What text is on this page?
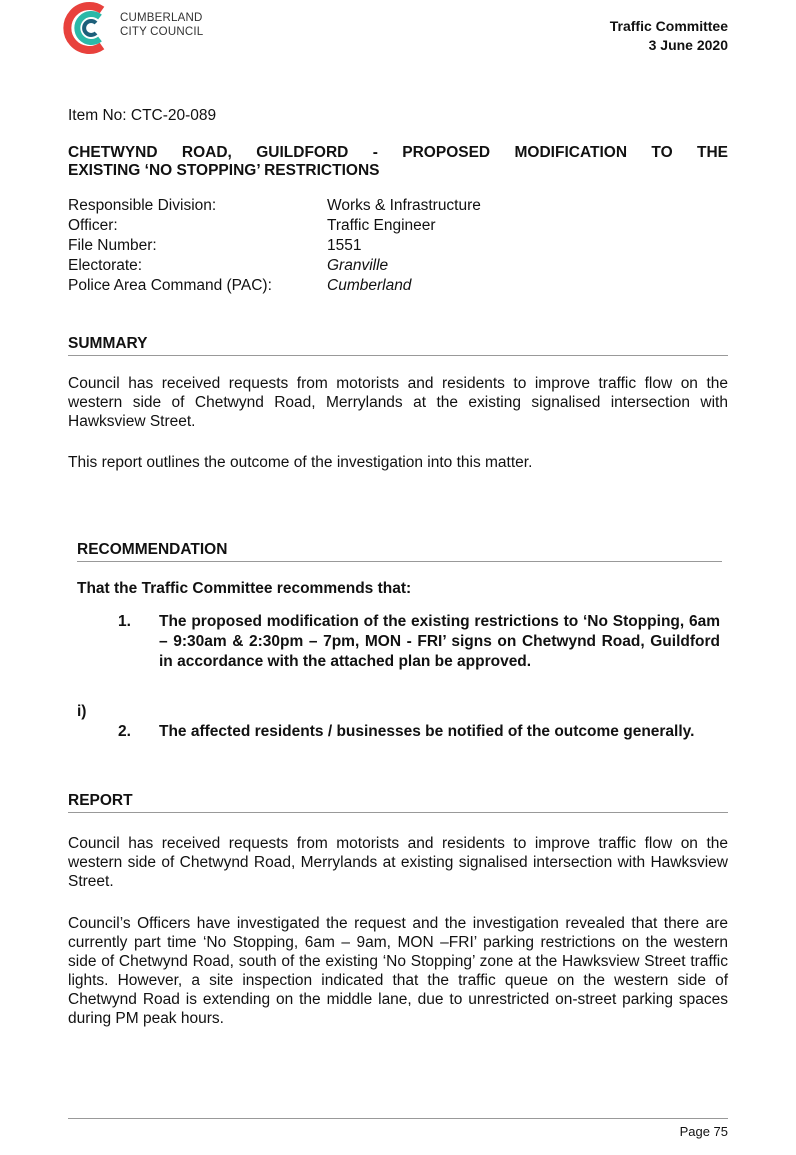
CUMBERLAND
CITY COUNCIL	Traffic Committee
3 June 2020
Item No: CTC-20-089
CHETWYND ROAD, GUILDFORD - PROPOSED MODIFICATION TO THE
EXISTING ‘NO STOPPING’ RESTRICTIONS
Responsible Division:	Works & Infrastructure
Officer:	Traffic Engineer
File Number:	1551
Electorate:	Granville
Police Area Command (PAC):	Cumberland
SUMMARY
Council has received requests from motorists and residents to improve traffic flow on the western side of Chetwynd Road, Merrylands at the existing signalised intersection with Hawksview Street.
This report outlines the outcome of the investigation into this matter.
RECOMMENDATION
That the Traffic Committee recommends that:
1.	The proposed modification of the existing restrictions to ‘No Stopping, 6am – 9:30am & 2:30pm – 7pm, MON - FRI’ signs on Chetwynd Road, Guildford in accordance with the attached plan be approved.
i)
2.	The affected residents / businesses be notified of the outcome generally.
REPORT
Council has received requests from motorists and residents to improve traffic flow on the western side of Chetwynd Road, Merrylands at existing signalised intersection with Hawksview Street.
Council’s Officers have investigated the request and the investigation revealed that there are currently part time ‘No Stopping, 6am – 9am, MON –FRI’ parking restrictions on the western side of Chetwynd Road, south of the existing ‘No Stopping’ zone at the Hawksview Street traffic lights. However, a site inspection indicated that the traffic queue on the western side of Chetwynd Road is extending on the middle lane, due to unrestricted on-street parking spaces during PM peak hours.
Page 75
